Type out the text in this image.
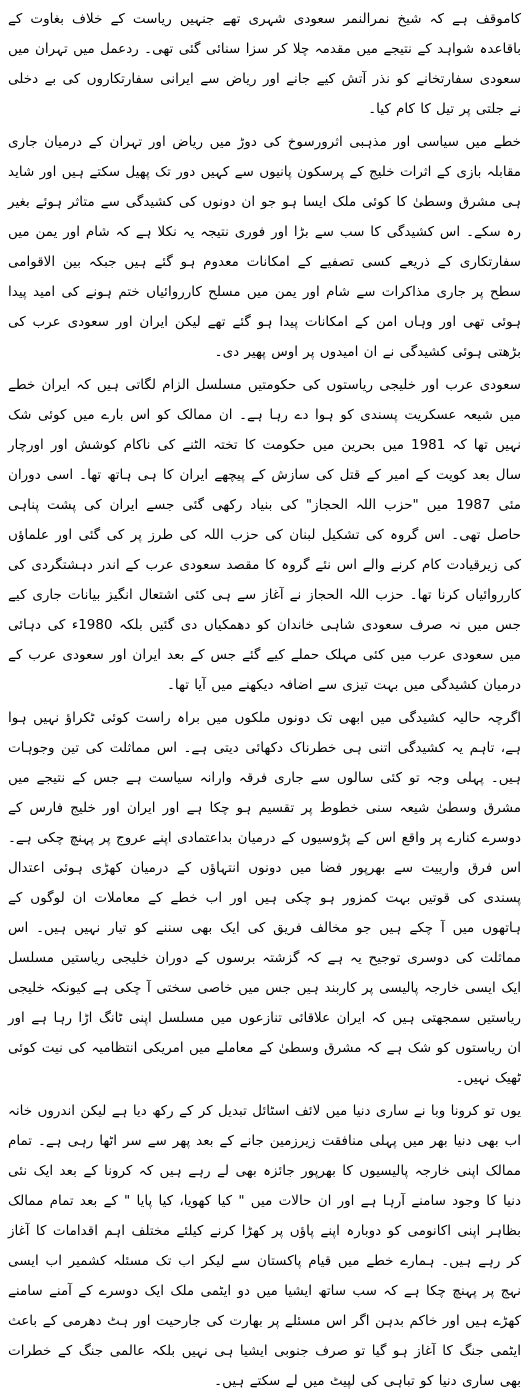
کاموقف ہے کہ شیخ نمرالنمر سعودی شہری تھے جنہیں ریاست کے خلاف بغاوت کے باقاعدہ شواہد کے نتیجے میں مقدمہ چلا کر سزا سنائی گئی تھی۔ ردعمل میں تہران میں سعودی سفارتخانے کو نذر آتش کیے جانے اور ریاض سے ایرانی سفارتکاروں کی بے دخلی نے جلتی پر تیل کا کام کیا۔

خطے میں سیاسی اور مذہبی اثرورسوخ کی دوڑ میں ریاض اور تہران کے درمیان جاری مقابلہ بازی کے اثرات خلیج کے پرسکون پانیوں سے کہیں دور تک پھیل سکتے ہیں اور شاید ہی مشرق وسطیٰ کا کوئی ملک ایسا ہو جو ان دونوں کی کشیدگی سے متاثر ہوئے بغیر رہ سکے۔ اس کشیدگی کا سب سے بڑا اور فوری نتیجہ یہ نکلا ہے کہ شام اور یمن میں سفارتکاری کے ذریعے کسی تصفیے کے امکانات معدوم ہو گئے ہیں جبکہ بین الاقوامی سطح پر جاری مذاکرات سے شام اور یمن میں مسلح کارروائیاں ختم ہونے کی امید پیدا ہوئی تھی اور وہاں امن کے امکانات پیدا ہو گئے تھے لیکن ایران اور سعودی عرب کی بڑھتی ہوئی کشیدگی نے ان امیدوں پر اوس پھیر دی۔

سعودی عرب اور خلیجی ریاستوں کی حکومتیں مسلسل الزام لگاتی ہیں کہ ایران خطے میں شیعہ عسکریت پسندی کو ہوا دے رہا ہے۔ ان ممالک کو اس بارے میں کوئی شک نہیں تھا کہ 1981 میں بحرین میں حکومت کا تختہ الٹنے کی ناکام کوشش اور اورچار سال بعد کویت کے امیر کے قتل کی سازش کے پیچھے ایران کا ہی ہاتھ تھا۔ اسی دوران مئی 1987 میں "حزب اللہ الحجاز" کی بنیاد رکھی گئی جسے ایران کی پشت پناہی حاصل تھی۔ اس گروہ کی تشکیل لبنان کی حزب اللہ کی طرز پر کی گئی اور علماؤں کی زیرقیادت کام کرنے والے اس نئے گروہ کا مقصد سعودی عرب کے اندر دہشتگردی کی کارروائیاں کرنا تھا۔ حزب اللہ الحجاز نے آغاز سے ہی کئی اشتعال انگیز بیانات جاری کیے جس میں نہ صرف سعودی شاہی خاندان کو دھمکیاں دی گئیں بلکہ 1980ء کی دہائی میں سعودی عرب میں کئی مہلک حملے کیے گئے جس کے بعد ایران اور سعودی عرب کے درمیان کشیدگی میں بہت تیزی سے اضافہ دیکھنے میں آیا تھا۔

اگرچہ حالیہ کشیدگی میں ابھی تک دونوں ملکوں میں براہ راست کوئی ٹکراؤ نہیں ہوا ہے، تاہم یہ کشیدگی اتنی ہی خطرناک دکھائی دیتی ہے۔ اس مماثلت کی تین وجوہات ہیں۔ پہلی وجہ تو کئی سالوں سے جاری فرقہ وارانہ سیاست ہے جس کے نتیجے میں مشرق وسطیٰ شیعہ سنی خطوط پر تقسیم ہو چکا ہے اور ایران اور خلیج فارس کے دوسرے کنارے پر واقع اس کے پڑوسیوں کے درمیان بداعتمادی اپنے عروج پر پہنچ چکی ہے۔ اس فرق وارییت سے بھرپور فضا میں دونوں انتہاؤں کے درمیان کھڑی ہوئی اعتدال پسندی کی قوتیں بہت کمزور ہو چکی ہیں اور اب خطے کے معاملات ان لوگوں کے ہاتھوں میں آ چکے ہیں جو مخالف فریق کی ایک بھی سننے کو تیار نہیں ہیں۔ اس مماثلت کی دوسری توجیح یہ ہے کہ گزشتہ برسوں کے دوران خلیجی ریاستیں مسلسل ایک ایسی خارجہ پالیسی پر کاربند ہیں جس میں خاصی سختی آ چکی ہے کیونکہ خلیجی ریاستیں سمجھتی ہیں کہ ایران علاقائی تنازعوں میں مسلسل اپنی ٹانگ اڑا رہا ہے اور ان ریاستوں کو شک ہے کہ مشرق وسطیٰ کے معاملے میں امریکی انتظامیہ کی نیت کوئی ٹھیک نہیں۔

یوں تو کرونا وبا نے ساری دنیا میں لائف اسٹائل تبدیل کر کے رکھ دیا ہے لیکن اندروں خانہ اب بھی دنیا بھر میں پہلی منافقت زیرزمین جانے کے بعد پھر سے سر اٹھا رہی ہے۔ تمام ممالک اپنی خارجہ پالیسیوں کا بھرپور جائزہ بھی لے رہے ہیں کہ کرونا کے بعد ایک نئی دنیا کا وجود سامنے آرہا ہے اور ان حالات میں " کیا کھویا، کیا پایا " کے بعد تمام ممالک بظاہر اپنی اکانومی کو دوبارہ اپنے پاؤں پر کھڑا کرنے کیلئے مختلف اہم اقدامات کا آغاز کر رہے ہیں۔ ہمارے خطے میں قیام پاکستان سے لیکر اب تک مسئلہ کشمیر اب ایسی نہج پر پہنچ چکا ہے کہ سب ساتھ ایشیا میں دو ایٹمی ملک ایک دوسرے کے آمنے سامنے کھڑے ہیں اور خاکم بدہن اگر اس مسئلے پر بھارت کی جارحیت اور ہٹ دھرمی کے باعث ایٹمی جنگ کا آغاز ہو گیا تو صرف جنوبی ایشیا ہی نہیں بلکہ عالمی جنگ کے خطرات بھی ساری دنیا کو تباہی کی لپیٹ میں لے سکتے ہیں۔
